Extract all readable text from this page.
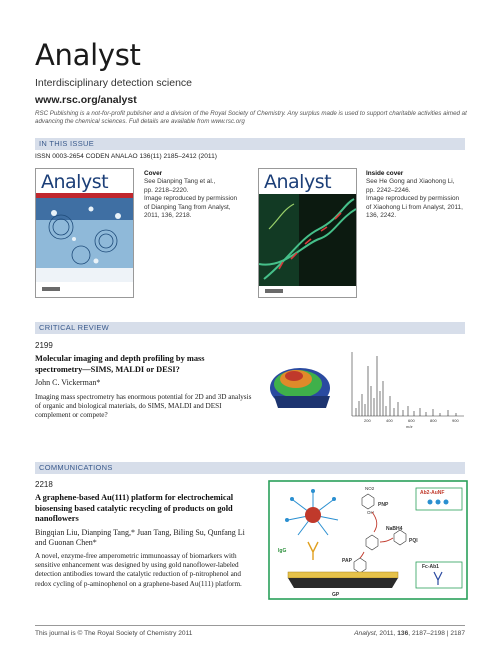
Analyst
Interdisciplinary detection science
www.rsc.org/analyst
RSC Publishing is a not-for-profit publisher and a division of the Royal Society of Chemistry. Any surplus made is used to support charitable activities aimed at advancing the chemical sciences. Full details are available from www.rsc.org
IN THIS ISSUE
ISSN 0003-2654 CODEN ANALAO 136(11) 2185–2412 (2011)
Analyst	Cover
See Dianping Tang et al.,
pp. 2218–2220.
Image reproduced by permission
of Dianping Tang from Analyst,
2011, 136, 2218.
Analyst	Inside cover
See He Gong and Xiaohong Li,
pp. 2242–2246.
Image reproduced by permission
of Xiaohong Li from Analyst, 2011,
136, 2242.
CRITICAL REVIEW
2199
Molecular imaging and depth profiling by mass spectrometry—SIMS, MALDI or DESI?
John C. Vickerman*
Imaging mass spectrometry has enormous potential for 2D and 3D analysis of organic and biological materials, do SIMS, MALDI and DESI complement or compete?
200	400	600	800	900
m/z
COMMUNICATIONS
2218
A graphene-based Au(111) platform for electrochemical biosensing based catalytic recycling of products on gold nanoflowers
Bingqian Liu, Dianping Tang,* Juan Tang, Biling Su, Qunfang Li and Guonan Chen*
A novel, enzyme-free amperometric immunoassay of biomarkers with sensitive enhancement was designed by using gold nanoflower-labeled detection antibodies toward the catalytic reduction of p-nitrophenol and redox cycling of p-aminophenol on a graphene-based Au(111) platform.
Ab2-AuNF
Fc-Ab1
NO2
PNP
OH
NaBH4
PQI
PAP
IgG
GP
This journal is © The Royal Society of Chemistry 2011	Analyst, 2011, 136, 2187–2198 | 2187
